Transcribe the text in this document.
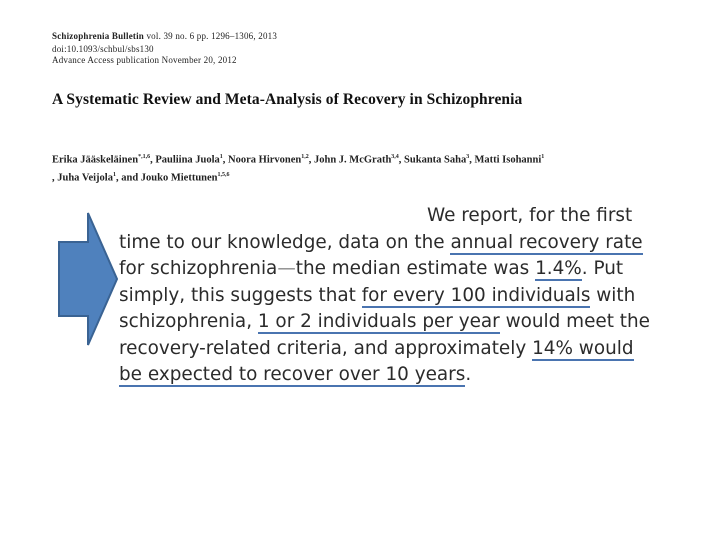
Schizophrenia Bulletin vol. 39 no. 6 pp. 1296–1306, 2013
doi:10.1093/schbul/sbs130
Advance Access publication November 20, 2012
A Systematic Review and Meta-Analysis of Recovery in Schizophrenia
Erika Jääskeläinen$^{*,1,6}$, Pauliina Juola$^1$, Noora Hirvonen$^{1,2}$, John J. McGrath$^{3,4}$, Sukanta Saha$^3$, Matti Isohanni$^1$
, Juha Veijola$^1$, and Jouko Miettunen$^{1,5,6}$
We report, for the first
time to our knowledge, data on the annual recovery rate
for schizophrenia—the median estimate was 1.4%. Put
simply, this suggests that for every 100 individuals with
schizophrenia, 1 or 2 individuals per year would meet the
recovery-related criteria, and approximately 14% would
be expected to recover over 10 years.
